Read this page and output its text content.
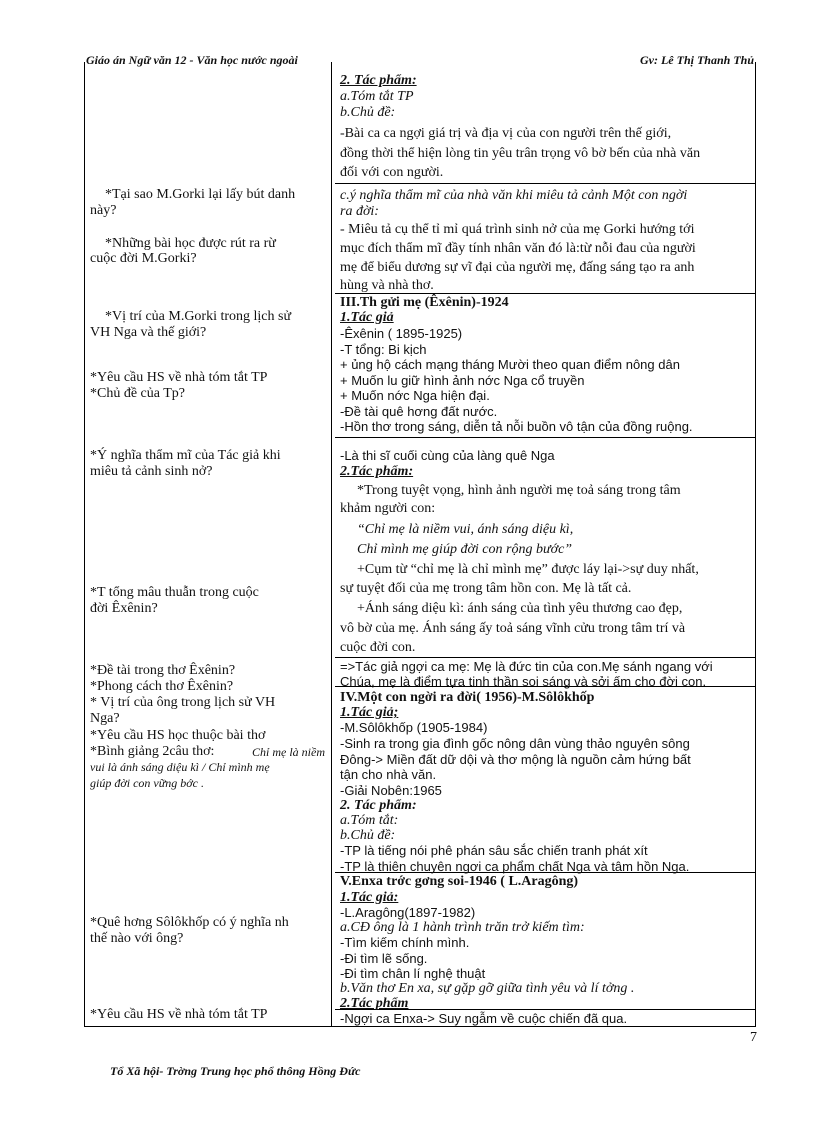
Giáo án Ngữ văn 12 - Văn học nước ngoài	Gv: Lê Thị Thanh Thủ
*Tại sao M.Gorki lại lấy bút danh
này?
*Những bài học được rút ra rừ
cuộc đời M.Gorki?
*Vị trí của M.Gorki trong lịch sử
VH Nga và thế giới?
*Yêu cầu HS về nhà tóm tắt TP
*Chủ đề của Tp?
*Ý nghĩa thẩm mĩ của Tác giả khi
miêu tả cảnh sinh nở?
*T tổng mâu thuẫn trong cuộc
đời Êxênin?
*Đề tài trong thơ Êxênin?
*Phong cách thơ Êxênin?
* Vị trí của ông trong lịch sử VH
Nga?
*Yêu cầu HS học thuộc bài thơ
*Bình giảng 2câu thơ:	Chỉ mẹ là niềm
vui là ánh sáng diệu kì / Chỉ mình mẹ
giúp đời con vững bớc .
*Quê hơng Sôlôkhốp có ý nghĩa nh
thế nào với ông?
*Yêu cầu HS về nhà tóm tắt TP
2. Tác phẩm:
a.Tóm tắt TP
b.Chủ đề:
-Bài ca ca ngợi giá trị và địa vị của con người trên thế giới,
đồng thời thể hiện lòng tin yêu trân trọng vô bờ bến của nhà văn
đối với con người.
c.ý nghĩa thẩm mĩ của nhà văn khi miêu tả cảnh Một con ngời
ra đời:
- Miêu tả cụ thể tỉ mỉ quá trình sinh nở của mẹ Gorki hướng tới
mục đích thẩm mĩ đầy tính nhân văn đó là:từ nỗi đau của người
mẹ để biểu dương sự vĩ đại của người mẹ, đấng sáng tạo ra anh
hùng và nhà thơ.
III.Th gửi mẹ (Êxênin)-1924
1.Tác giả
-Êxênin ( 1895-1925)
-T tổng: Bi kịch
+ ủng hộ cách mạng tháng Mười theo quan điểm nông dân
+ Muốn lu giữ hình ảnh nớc Nga cổ truyền
+ Muốn nớc Nga hiện đại.
-Đề tài quê hơng đất nước.
-Hồn thơ trong sáng, diễn tả nỗi buồn vô tận của đồng ruộng.
-Là thi sĩ cuối cùng của làng quê Nga
2.Tác phẩm:
*Trong tuyệt vọng, hình ảnh người mẹ toả sáng trong tâm
khảm người con:
“Chỉ mẹ là niềm vui, ánh sáng diệu kì,
Chỉ mình mẹ giúp đời con rộng bước”
+Cụm từ “chỉ mẹ là chỉ mình mẹ” được láy lại->sự duy nhất,
sự tuyệt đối của mẹ trong tâm hồn con. Mẹ là tất cả.
+Ánh sáng diệu kì: ánh sáng của tình yêu thương cao đẹp,
vô bờ của mẹ. Ánh sáng ấy toả sáng vĩnh cửu trong tâm trí và
cuộc đời con.
=>Tác giả ngợi ca mẹ: Mẹ là đức tin của con.Mẹ sánh ngang với
Chúa, mẹ là điểm tựa tinh thần soi sáng và sởi ấm cho đời con.
IV.Một con ngời ra đời( 1956)-M.Sôlôkhốp
1.Tác giả;
-M.Sôlôkhốp (1905-1984)
-Sinh ra trong gia đình gốc nông dân vùng thảo nguyên sông
Đông-> Miền đất dữ dội và thơ mộng là nguồn cảm hứng bất
tận cho nhà văn.
-Giải Nobên:1965
2. Tác phẩm:
a.Tóm tắt:
b.Chủ đề:
-TP là tiếng nói phê phán sâu sắc chiến tranh phát xít
-TP là thiên chuyện ngợi ca phẩm chất Nga và tâm hồn Nga.
V.Enxa trớc gơng soi-1946 ( L.Aragông)
1.Tác giả:
-L.Aragông(1897-1982)
a.CĐ ông là 1 hành trình trăn trở kiếm tìm:
-Tìm kiếm chính mình.
-Đi tìm lẽ sống.
-Đi tìm chân lí nghệ thuật
b.Văn thơ En xa, sự gặp gỡ giữa tình yêu và lí tởng .
2.Tác phẩm
-Ngợi ca Enxa-> Suy ngẫm về cuộc chiến đã qua.
7
Tổ Xã hội- Trờng Trung học phổ thông Hồng Đức
